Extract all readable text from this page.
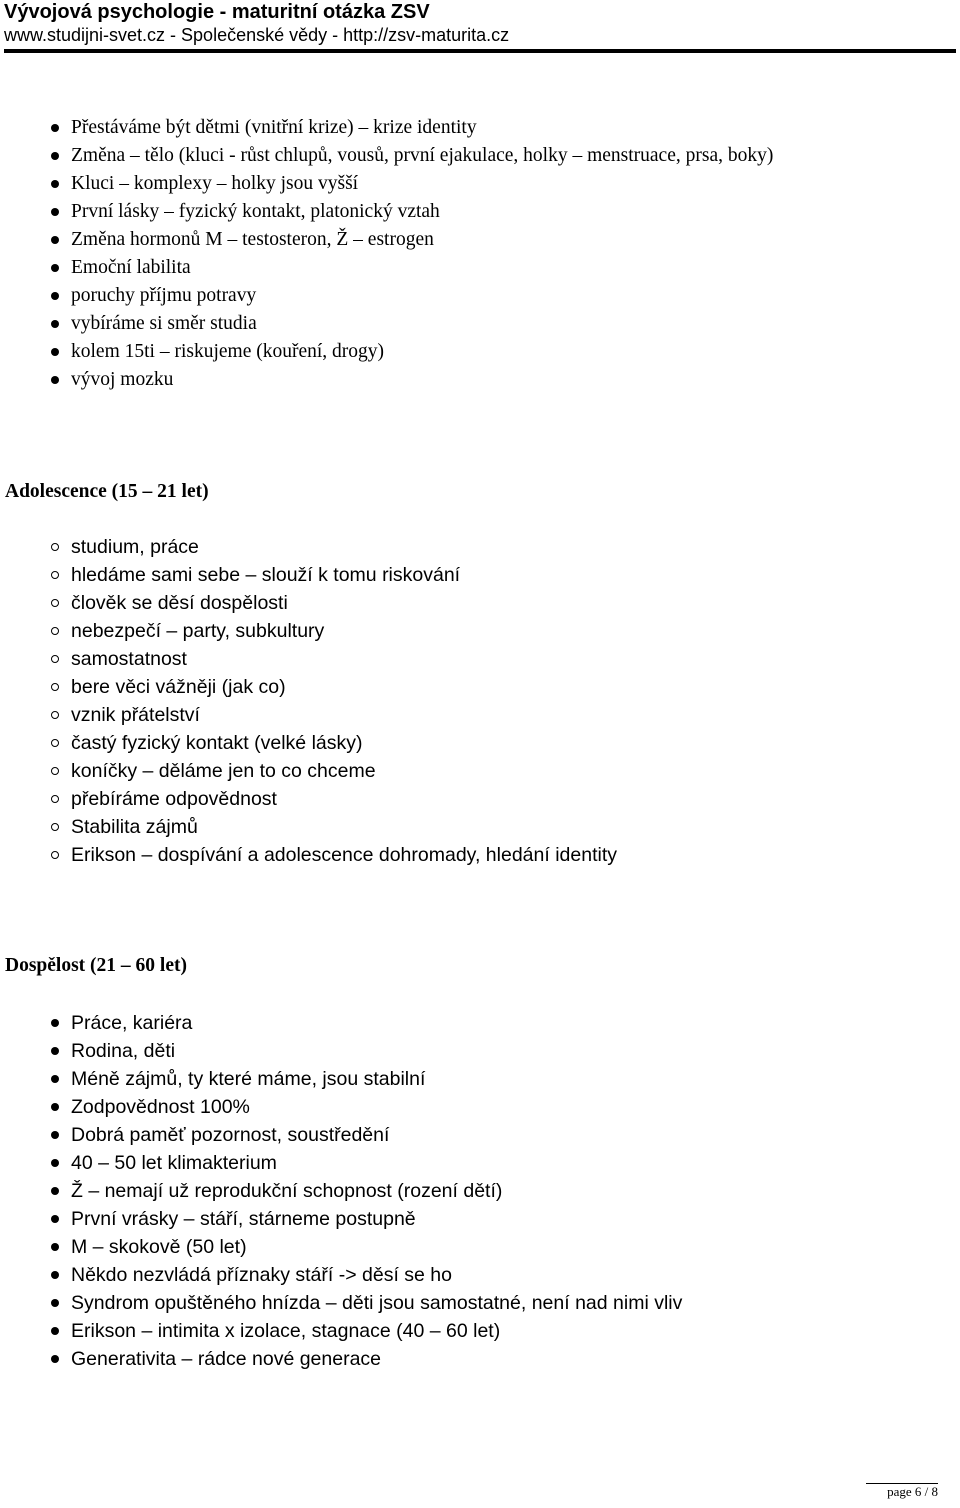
Vývojová psychologie - maturitní otázka ZSV
www.studijni-svet.cz - Společenské vědy - http://zsv-maturita.cz
Přestáváme být dětmi (vnitřní krize) – krize identity
Změna – tělo (kluci - růst chlupů, vousů, první ejakulace, holky – menstruace, prsa, boky)
Kluci – komplexy – holky jsou vyšší
První lásky – fyzický kontakt, platonický vztah
Změna hormonů M – testosteron, Ž – estrogen
Emoční labilita
poruchy příjmu potravy
vybíráme si směr studia
kolem 15ti – riskujeme (kouření, drogy)
vývoj mozku
Adolescence (15 – 21 let)
studium, práce
hledáme sami sebe – slouží k tomu riskování
člověk se děsí dospělosti
nebezpečí – party, subkultury
samostatnost
bere věci vážněji (jak co)
vznik přátelství
častý fyzický kontakt (velké lásky)
koníčky – děláme jen to co chceme
přebíráme odpovědnost
Stabilita zájmů
Erikson – dospívání a adolescence dohromady, hledání identity
Dospělost (21 – 60 let)
Práce, kariéra
Rodina, děti
Méně zájmů, ty které máme, jsou stabilní
Zodpovědnost 100%
Dobrá paměť pozornost, soustředění
40 – 50 let klimakterium
Ž – nemají už reprodukční schopnost (rození dětí)
První vrásky – stáří, stárneme postupně
M – skokově (50 let)
Někdo nezvládá příznaky stáří -> děsí se ho
Syndrom opuštěného hnízda – děti jsou samostatné, není nad nimi vliv
Erikson – intimita x izolace, stagnace (40 – 60 let)
Generativita – rádce nové generace
page 6 / 8
